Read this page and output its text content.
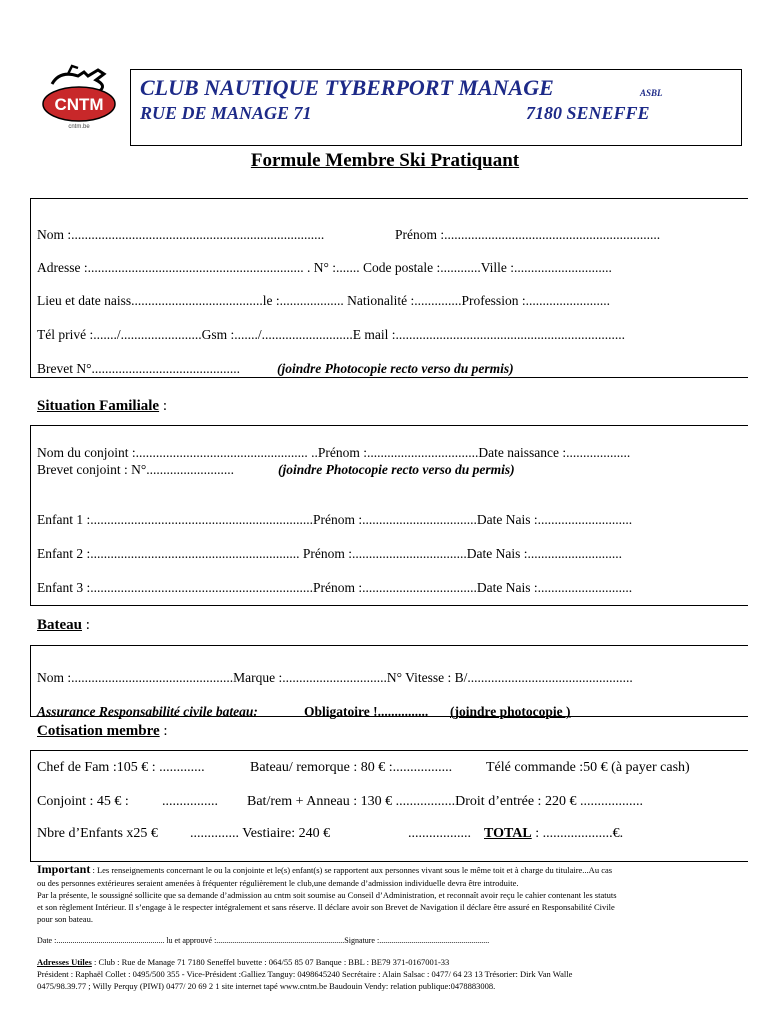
CNTM
cntm.be
CLUB NAUTIQUE TYBERPORT MANAGE	ASBL
RUE DE MANAGE 71	7180 SENEFFE
Formule Membre Ski Pratiquant
Nom :...........................................................................	Prénom :................................................................
Adresse :................................................................ . N° :....... Code postale :............Ville :.............................
Lieu et date naiss.......................................le :................... Nationalité :..............Profession :.........................
Tél privé :......./........................Gsm :......./...........................E mail :....................................................................
Brevet N°............................................	(joindre Photocopie recto verso du permis)
Situation Familiale :
Nom du conjoint :................................................... ..Prénom :.................................Date naissance :...................
Brevet conjoint : N°..........................	(joindre Photocopie recto verso du permis)
Enfant 1 :..................................................................Prénom :..................................Date Nais :............................
Enfant 2 :.............................................................. Prénom :..................................Date Nais :............................
Enfant 3 :..................................................................Prénom :..................................Date Nais :............................
Bateau :
Nom :................................................Marque :...............................N° Vitesse : B/.................................................
Assurance Responsabilité civile bateau:	Obligatoire !............... (joindre photocopie )
Cotisation membre :
Chef de Fam :105 € : .............	Bateau/ remorque : 80 € :................. Télé commande :50 € (à payer cash)
Conjoint : 45 € : ................ Bat/rem + Anneau : 130 € .................Droit d’entrée : 220 € ..................
Nbre d’Enfants x25 € .............. Vestiaire: 240 €	.................. TOTAL : ....................€.
Important : Les renseignements concernant le ou la conjointe et le(s) enfant(s) se rapportent aux personnes vivant sous le même toit et à charge du titulaire...Au cas
ou des personnes extérieures seraient amenées à fréquenter régulièrement le club,une demande d’admission individuelle devra être introduite.
Par la présente, le soussigné sollicite que sa demande d’admission au cntm soit soumise au Conseil d’Administration, et reconnaît avoir reçu le cahier contenant les statuts
et son règlement Intérieur. Il s’engage à le respecter intégralement et sans réserve. Il déclare avoir son Brevet de Navigation il déclare être assuré en Responsabilité Civile
pour son bateau.
Date :...................................................... lu et approuvé :................................................................Signature :.......................................................
Adresses Utiles : Club : Rue de Manage 71 7180 Seneffel buvette : 064/55 85 07 Banque : BBL : BE79 371-0167001-33
Président : Raphaël Collet : 0495/500 355 - Vice-Président :Galliez Tanguy: 0498645240 Secrétaire : Alain Salsac : 0477/ 64 23 13 Trésorier: Dirk Van Walle
0475/98.39.77 ; Willy Perquy (PIWI) 0477/ 20 69 2 1 site internet tapé www.cntm.be Baudouin Vendy: relation publique:0478883008.
